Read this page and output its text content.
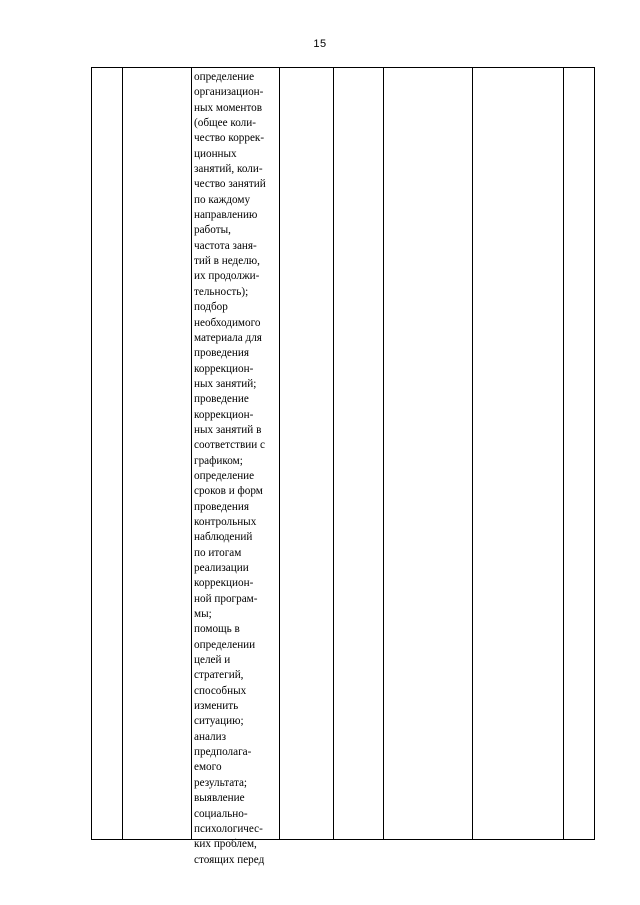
15
определение
организацион-
ных моментов
(общее коли-
чество коррек-
ционных
занятий, коли-
чество занятий
по каждому
направлению
работы,
частота заня-
тий в неделю,
их продолжи-
тельность);
подбор
необходимого
материала для
проведения
коррекцион-
ных занятий;
проведение
коррекцион-
ных занятий в
соответствии с
графиком;
определение
сроков и форм
проведения
контрольных
наблюдений
по итогам
реализации
коррекцион-
ной програм-
мы;
помощь в
определении
целей и
стратегий,
способных
изменить
ситуацию;
анализ
предполага-
емого
результата;
выявление
социально-
психологичес-
ких проблем,
стоящих перед
